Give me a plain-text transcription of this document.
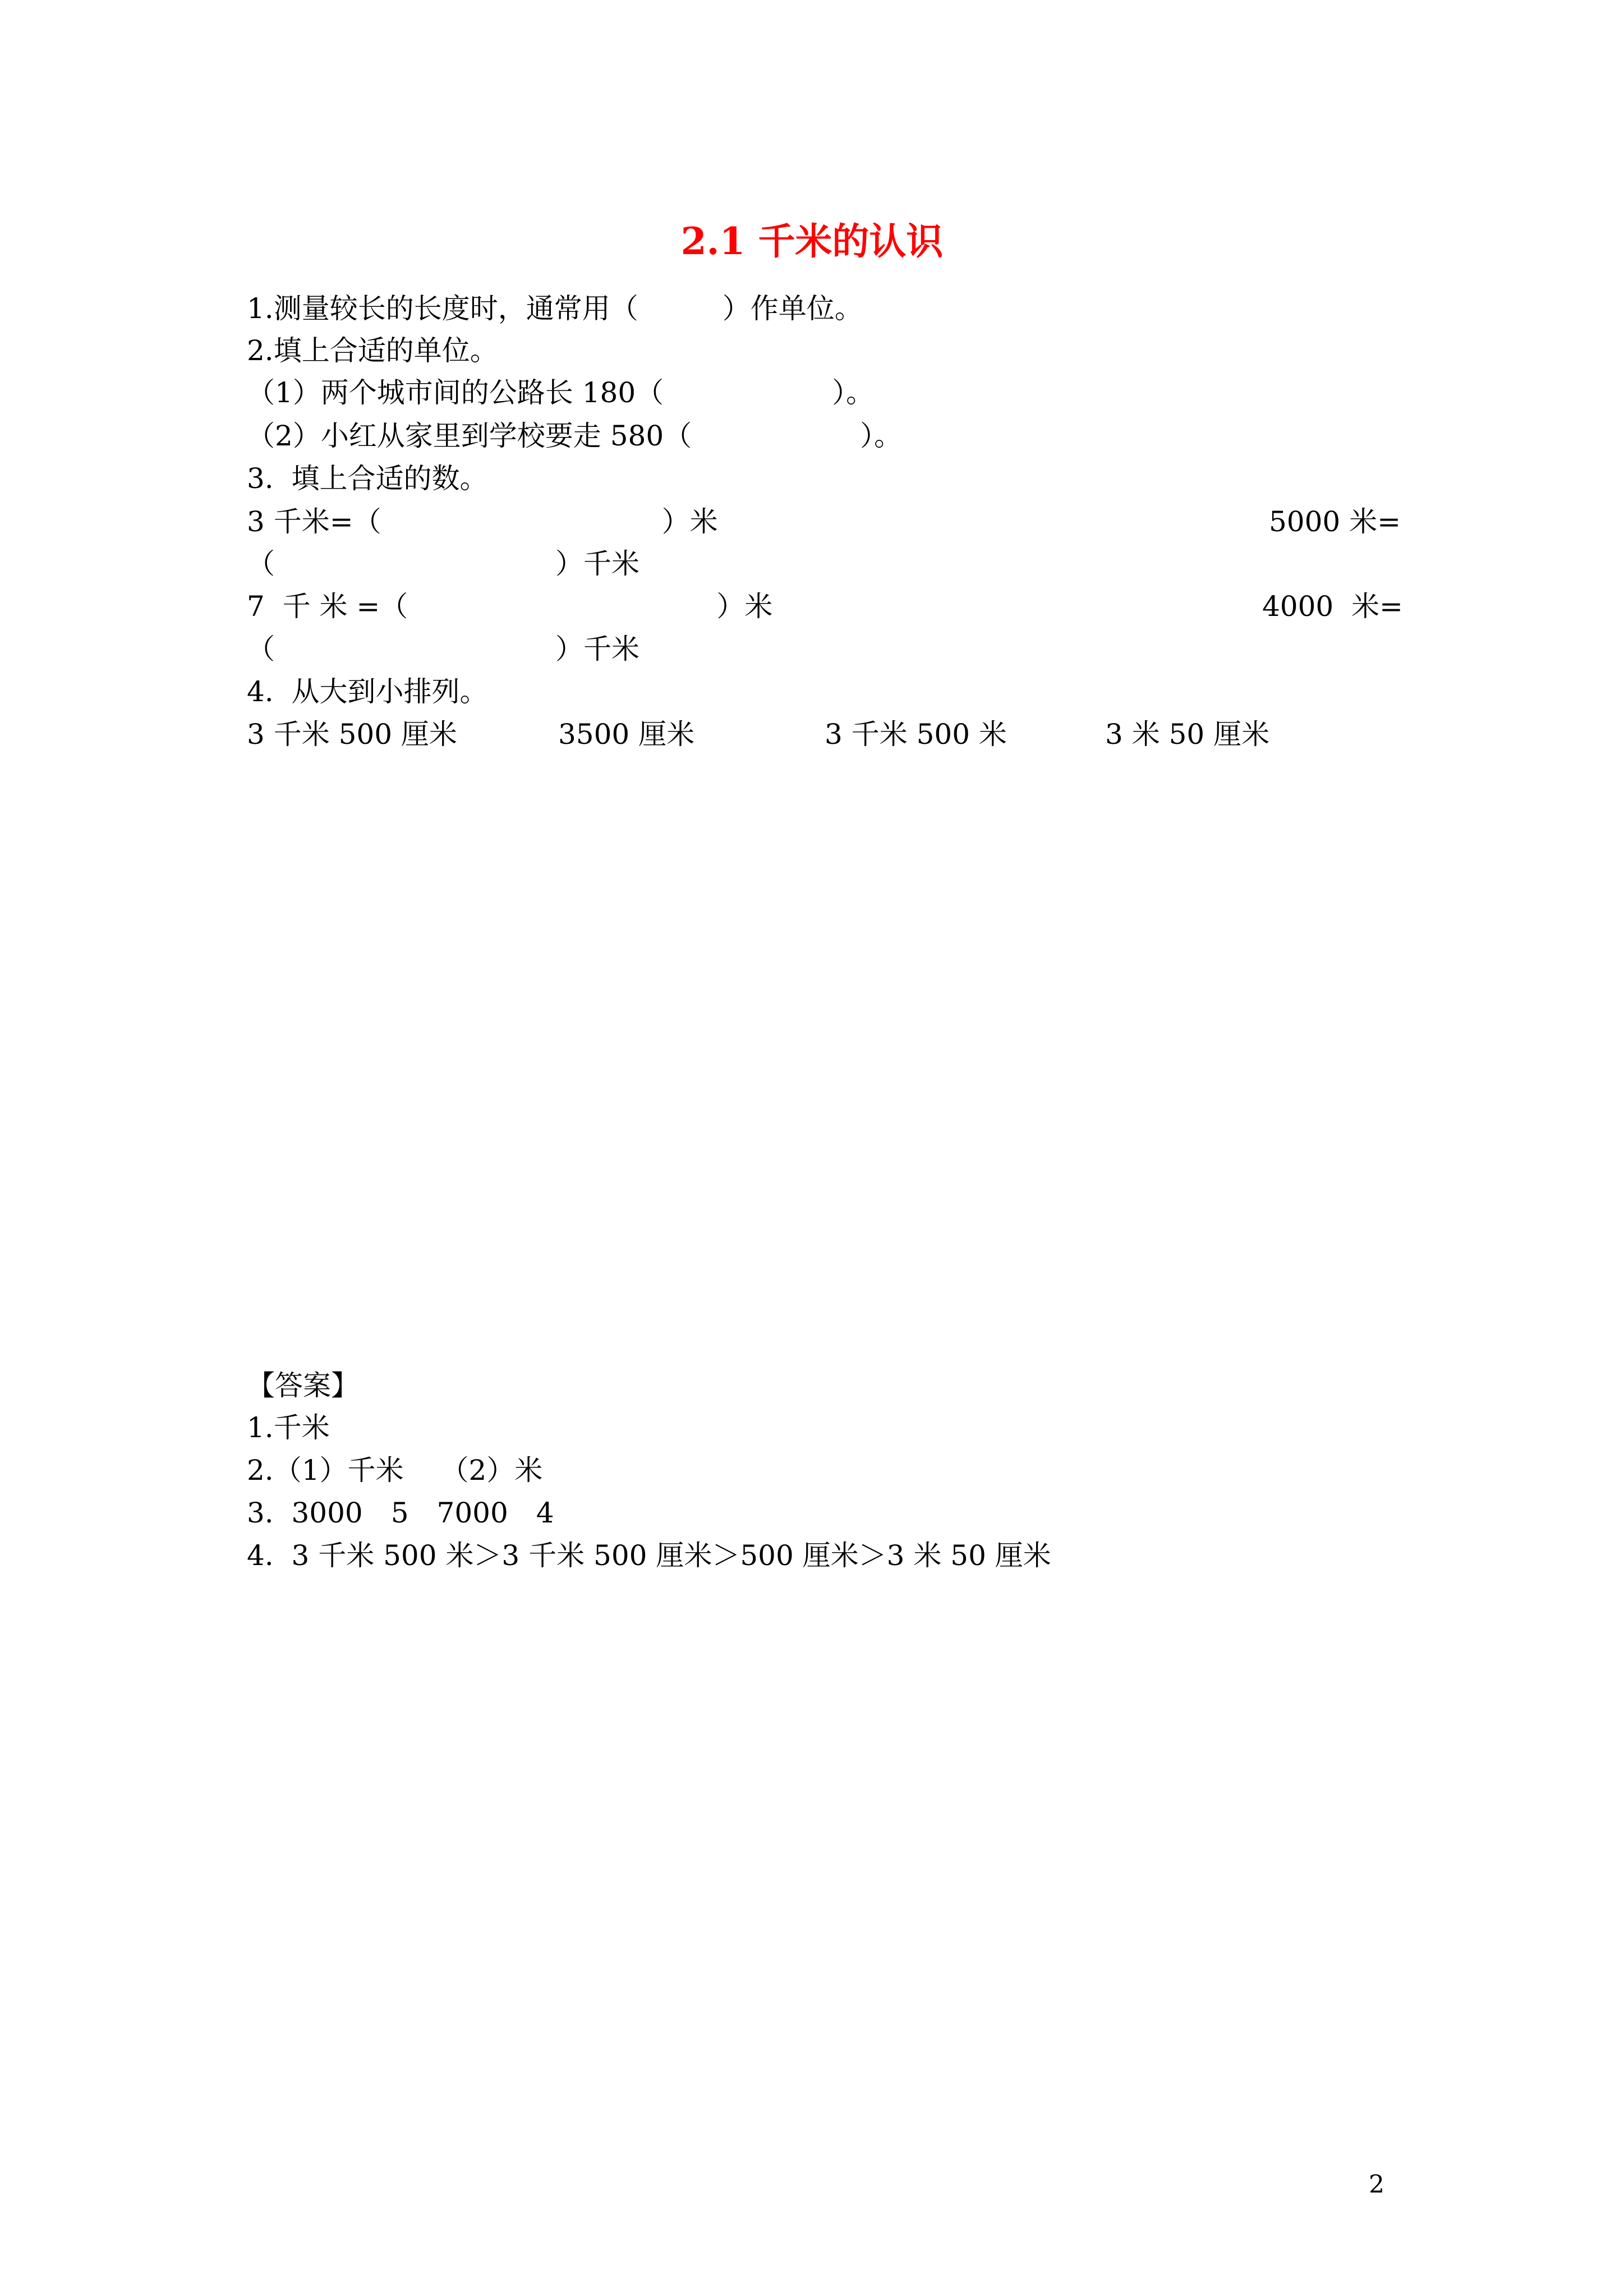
2.1 千米的认识
1.测量较长的长度时，通常用（　　　）作单位。
2.填上合适的单位。
（1）两个城市间的公路长 180（　　　　　　）。
（2）小红从家里到学校要走 580（　　　　　　）。
3.  填上合适的数。

3 千米=（　　　　　　　　　　）米

	5000 米=

（　　　　　　　　　　）千米

7  千 米 =（　　　　　　　　　　　）米

	4000  米=

（　　　　　　　　　　）千米
4.  从大到小排列。

3 千米 500 厘米

	3500 厘米

	3 千米 500 米

	3 米 50 厘米

【答案】
1.千米
2.（1）千米　 （2）米
3.  3000　5　7000　4
4.  3 千米 500 米＞3 千米 500 厘米＞500 厘米＞3 米 50 厘米
2
